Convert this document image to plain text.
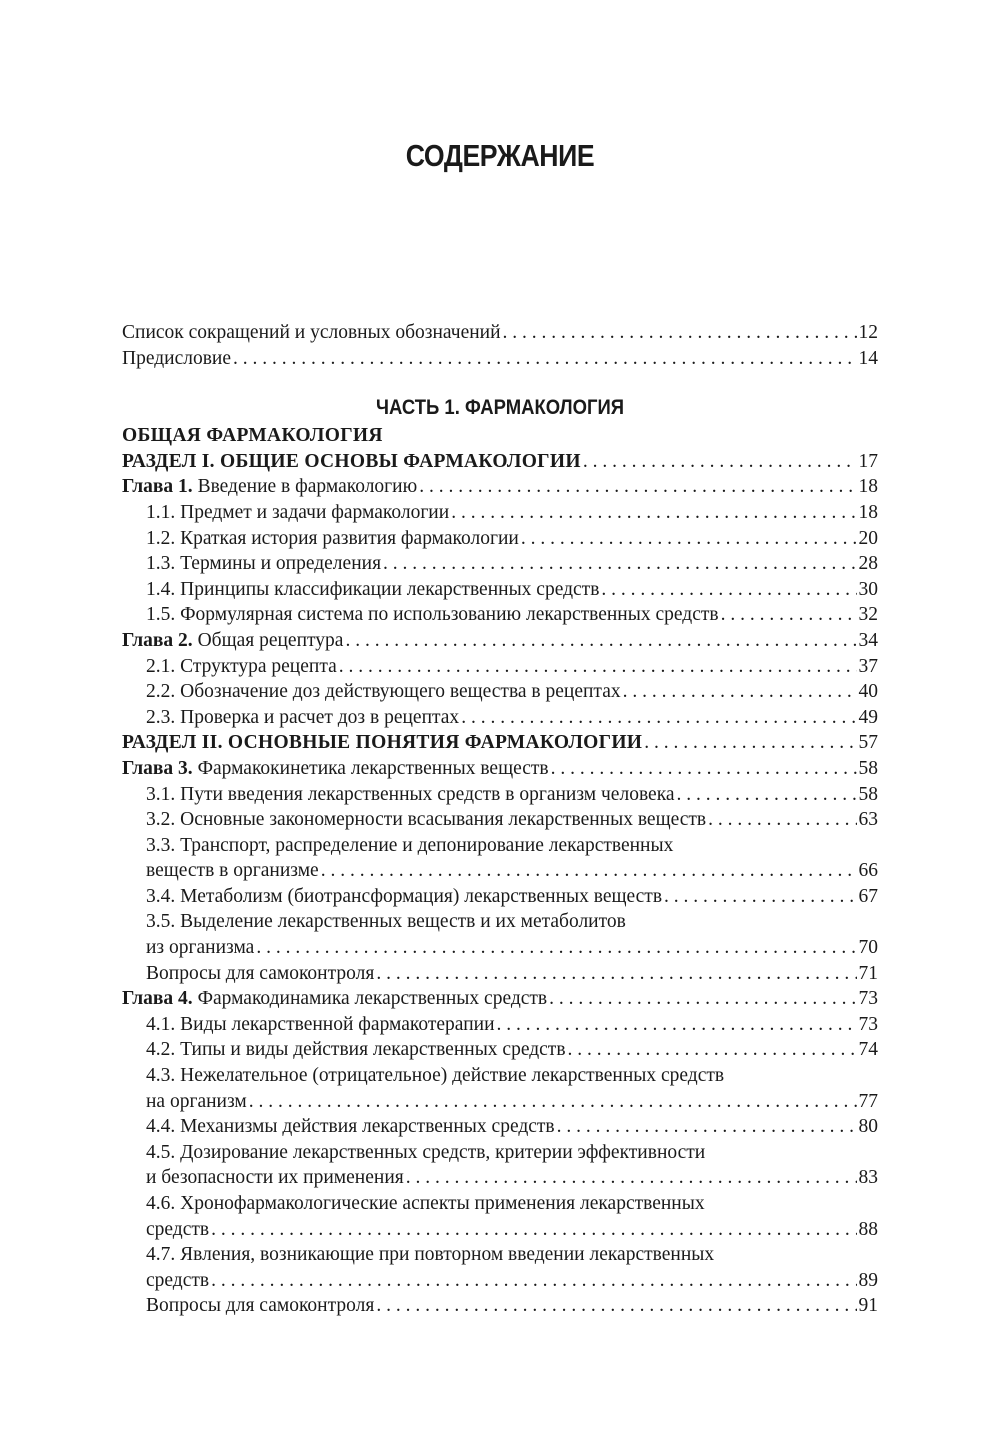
СОДЕРЖАНИЕ
Список сокращений и условных обозначений . . .	12
Предисловие . . .	14
ЧАСТЬ 1. ФАРМАКОЛОГИЯ
ОБЩАЯ ФАРМАКОЛОГИЯ
РАЗДЕЛ I. ОБЩИЕ ОСНОВЫ ФАРМАКОЛОГИИ . . .	17
Глава 1. Введение в фармакологию . . .	18
1.1. Предмет и задачи фармакологии . . .	18
1.2. Краткая история развития фармакологии . . .	20
1.3. Термины и определения . . .	28
1.4. Принципы классификации лекарственных средств . . .	30
1.5. Формулярная система по использованию лекарственных средств . . .	32
Глава 2. Общая рецептура . . .	34
2.1. Структура рецепта . . .	37
2.2. Обозначение доз действующего вещества в рецептах . . .	40
2.3. Проверка и расчет доз в рецептах . . .	49
РАЗДЕЛ II. ОСНОВНЫЕ ПОНЯТИЯ ФАРМАКОЛОГИИ . . .	57
Глава 3. Фармакокинетика лекарственных веществ . . .	58
3.1. Пути введения лекарственных средств в организм человека . . .	58
3.2. Основные закономерности всасывания лекарственных веществ . . .	63
3.3. Транспорт, распределение и депонирование лекарственных
веществ в организме . . .	66
3.4. Метаболизм (биотрансформация) лекарственных веществ . . .	67
3.5. Выделение лекарственных веществ и их метаболитов
из организма . . .	70
Вопросы для самоконтроля . . .	71
Глава 4. Фармакодинамика лекарственных средств . . .	73
4.1. Виды лекарственной фармакотерапии . . .	73
4.2. Типы и виды действия лекарственных средств . . .	74
4.3. Нежелательное (отрицательное) действие лекарственных средств
на организм . . .	77
4.4. Механизмы действия лекарственных средств . . .	80
4.5. Дозирование лекарственных средств, критерии эффективности
и безопасности их применения . . .	83
4.6. Хронофармакологические аспекты применения лекарственных
средств . . .	88
4.7. Явления, возникающие при повторном введении лекарственных
средств . . .	89
Вопросы для самоконтроля . . .	91
